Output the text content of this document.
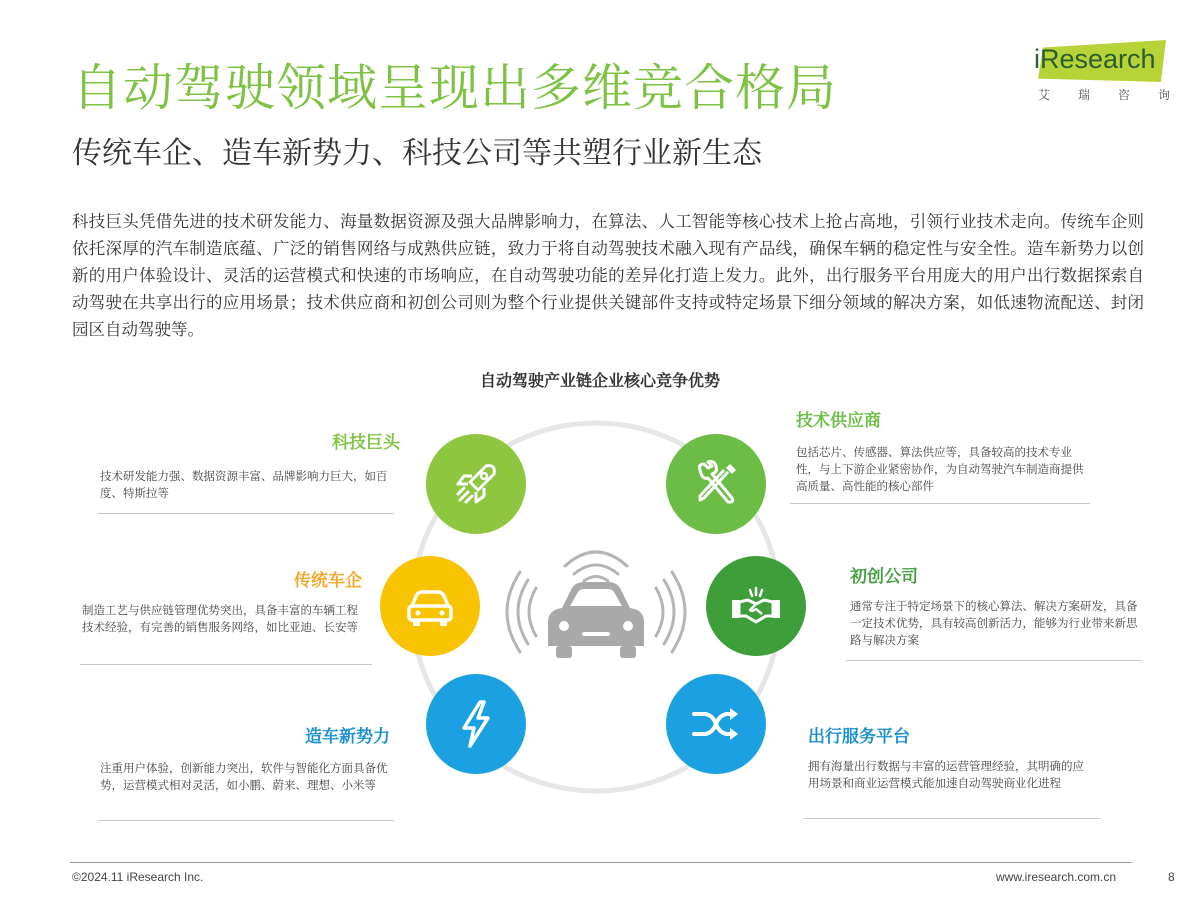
自动驾驶领域呈现出多维竞合格局
传统车企、造车新势力、科技公司等共塑行业新生态
iResearch
艾 瑞 咨 询
科技巨头凭借先进的技术研发能力、海量数据资源及强大品牌影响力，在算法、人工智能等核心技术上抢占高地，引领行业技术走向。传统车企则依托深厚的汽车制造底蕴、广泛的销售网络与成熟供应链，致力于将自动驾驶技术融入现有产品线，确保车辆的稳定性与安全性。造车新势力以创新的用户体验设计、灵活的运营模式和快速的市场响应，在自动驾驶功能的差异化打造上发力。此外，出行服务平台用庞大的用户出行数据探索自动驾驶在共享出行的应用场景；技术供应商和初创公司则为整个行业提供关键部件支持或特定场景下细分领域的解决方案，如低速物流配送、封闭园区自动驾驶等。
自动驾驶产业链企业核心竞争优势
科技巨头
技术研发能力强、数据资源丰富、品牌影响力巨大，如百度、特斯拉等
传统车企
制造工艺与供应链管理优势突出，具备丰富的车辆工程技术经验，有完善的销售服务网络，如比亚迪、长安等
造车新势力
注重用户体验，创新能力突出，软件与智能化方面具备优势，运营模式相对灵活，如小鹏、蔚来、理想、小米等
技术供应商
包括芯片、传感器、算法供应等，具备较高的技术专业性，与上下游企业紧密协作，为自动驾驶汽车制造商提供高质量、高性能的核心部件
初创公司
通常专注于特定场景下的核心算法、解决方案研发，具备一定技术优势，具有较高创新活力，能够为行业带来新思路与解决方案
出行服务平台
拥有海量出行数据与丰富的运营管理经验，其明确的应用场景和商业运营模式能加速自动驾驶商业化进程
©2024.11 iResearch Inc.	www.iresearch.com.cn	8
